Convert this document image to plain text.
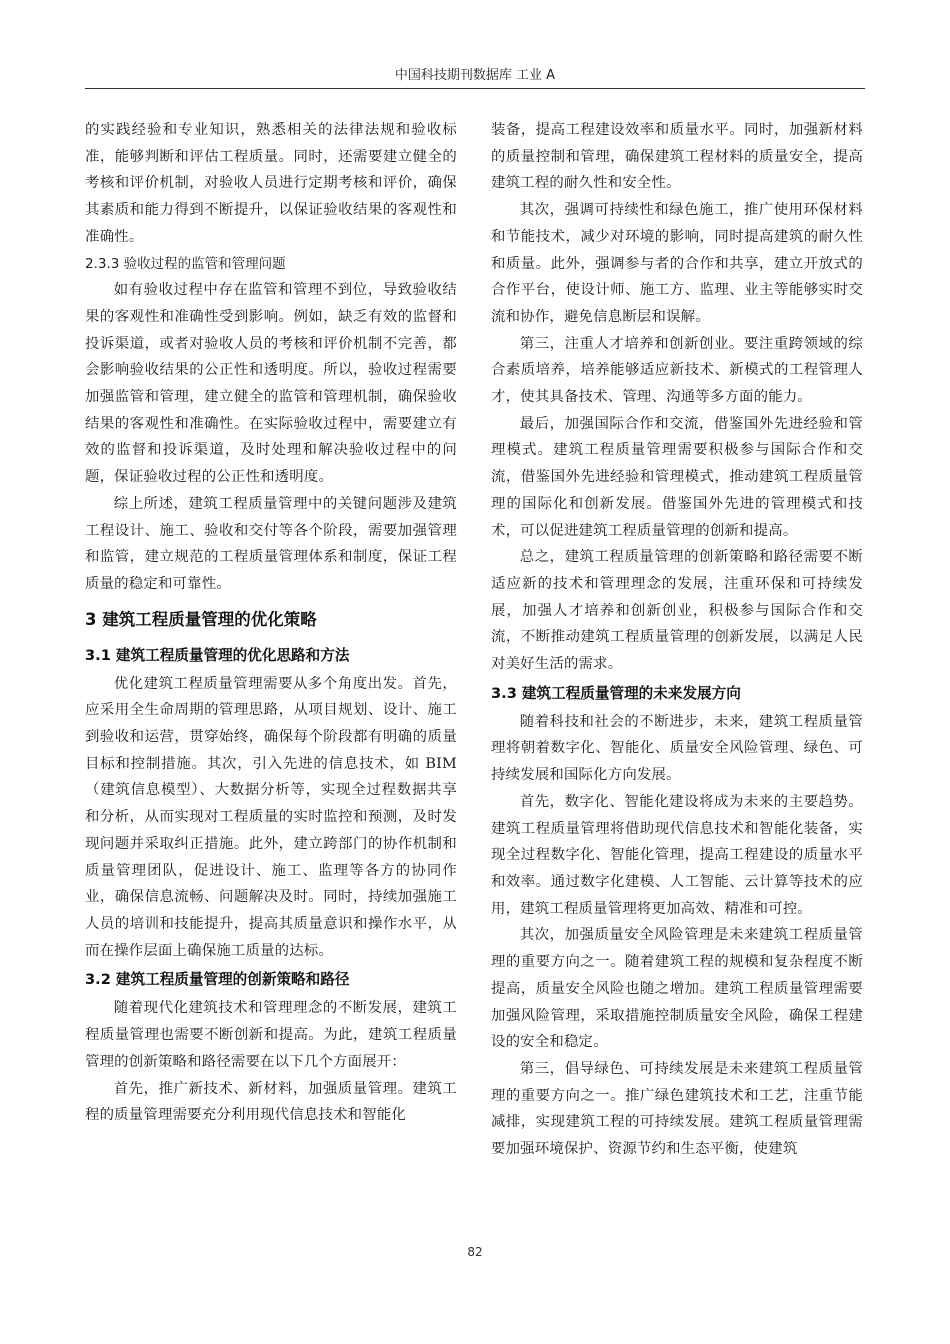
中国科技期刊数据库 工业 A

的实践经验和专业知识，熟悉相关的法律法规和验收标准，能够判断和评估工程质量。同时，还需要建立健全的考核和评价机制，对验收人员进行定期考核和评价，确保其素质和能力得到不断提升，以保证验收结果的客观性和准确性。

2.3.3 验收过程的监管和管理问题

如有验收过程中存在监管和管理不到位，导致验收结果的客观性和准确性受到影响。例如，缺乏有效的监督和投诉渠道，或者对验收人员的考核和评价机制不完善，都会影响验收结果的公正性和透明度。所以，验收过程需要加强监管和管理，建立健全的监管和管理机制，确保验收结果的客观性和准确性。在实际验收过程中，需要建立有效的监督和投诉渠道，及时处理和解决验收过程中的问题，保证验收过程的公正性和透明度。

综上所述，建筑工程质量管理中的关键问题涉及建筑工程设计、施工、验收和交付等各个阶段，需要加强管理和监管，建立规范的工程质量管理体系和制度，保证工程质量的稳定和可靠性。

3 建筑工程质量管理的优化策略

3.1 建筑工程质量管理的优化思路和方法

优化建筑工程质量管理需要从多个角度出发。首先，应采用全生命周期的管理思路，从项目规划、设计、施工到验收和运营，贯穿始终，确保每个阶段都有明确的质量目标和控制措施。其次，引入先进的信息技术，如 BIM（建筑信息模型）、大数据分析等，实现全过程数据共享和分析，从而实现对工程质量的实时监控和预测，及时发现问题并采取纠正措施。此外，建立跨部门的协作机制和质量管理团队，促进设计、施工、监理等各方的协同作业，确保信息流畅、问题解决及时。同时，持续加强施工人员的培训和技能提升，提高其质量意识和操作水平，从而在操作层面上确保施工质量的达标。

3.2 建筑工程质量管理的创新策略和路径

随着现代化建筑技术和管理理念的不断发展，建筑工程质量管理也需要不断创新和提高。为此，建筑工程质量管理的创新策略和路径需要在以下几个方面展开：

首先，推广新技术、新材料，加强质量管理。建筑工程的质量管理需要充分利用现代信息技术和智能化

装备，提高工程建设效率和质量水平。同时，加强新材料的质量控制和管理，确保建筑工程材料的质量安全，提高建筑工程的耐久性和安全性。

其次，强调可持续性和绿色施工，推广使用环保材料和节能技术，减少对环境的影响，同时提高建筑的耐久性和质量。此外，强调参与者的合作和共享，建立开放式的合作平台，使设计师、施工方、监理、业主等能够实时交流和协作，避免信息断层和误解。

第三，注重人才培养和创新创业。要注重跨领域的综合素质培养，培养能够适应新技术、新模式的工程管理人才，使其具备技术、管理、沟通等多方面的能力。

最后，加强国际合作和交流，借鉴国外先进经验和管理模式。建筑工程质量管理需要积极参与国际合作和交流，借鉴国外先进经验和管理模式，推动建筑工程质量管理的国际化和创新发展。借鉴国外先进的管理模式和技术，可以促进建筑工程质量管理的创新和提高。

总之，建筑工程质量管理的创新策略和路径需要不断适应新的技术和管理理念的发展，注重环保和可持续发展，加强人才培养和创新创业，积极参与国际合作和交流，不断推动建筑工程质量管理的创新发展，以满足人民对美好生活的需求。

3.3 建筑工程质量管理的未来发展方向

随着科技和社会的不断进步，未来，建筑工程质量管理将朝着数字化、智能化、质量安全风险管理、绿色、可持续发展和国际化方向发展。

首先，数字化、智能化建设将成为未来的主要趋势。建筑工程质量管理将借助现代信息技术和智能化装备，实现全过程数字化、智能化管理，提高工程建设的质量水平和效率。通过数字化建模、人工智能、云计算等技术的应用，建筑工程质量管理将更加高效、精准和可控。

其次，加强质量安全风险管理是未来建筑工程质量管理的重要方向之一。随着建筑工程的规模和复杂程度不断提高，质量安全风险也随之增加。建筑工程质量管理需要加强风险管理，采取措施控制质量安全风险，确保工程建设的安全和稳定。

第三，倡导绿色、可持续发展是未来建筑工程质量管理的重要方向之一。推广绿色建筑技术和工艺，注重节能减排，实现建筑工程的可持续发展。建筑工程质量管理需要加强环境保护、资源节约和生态平衡，使建筑

82
